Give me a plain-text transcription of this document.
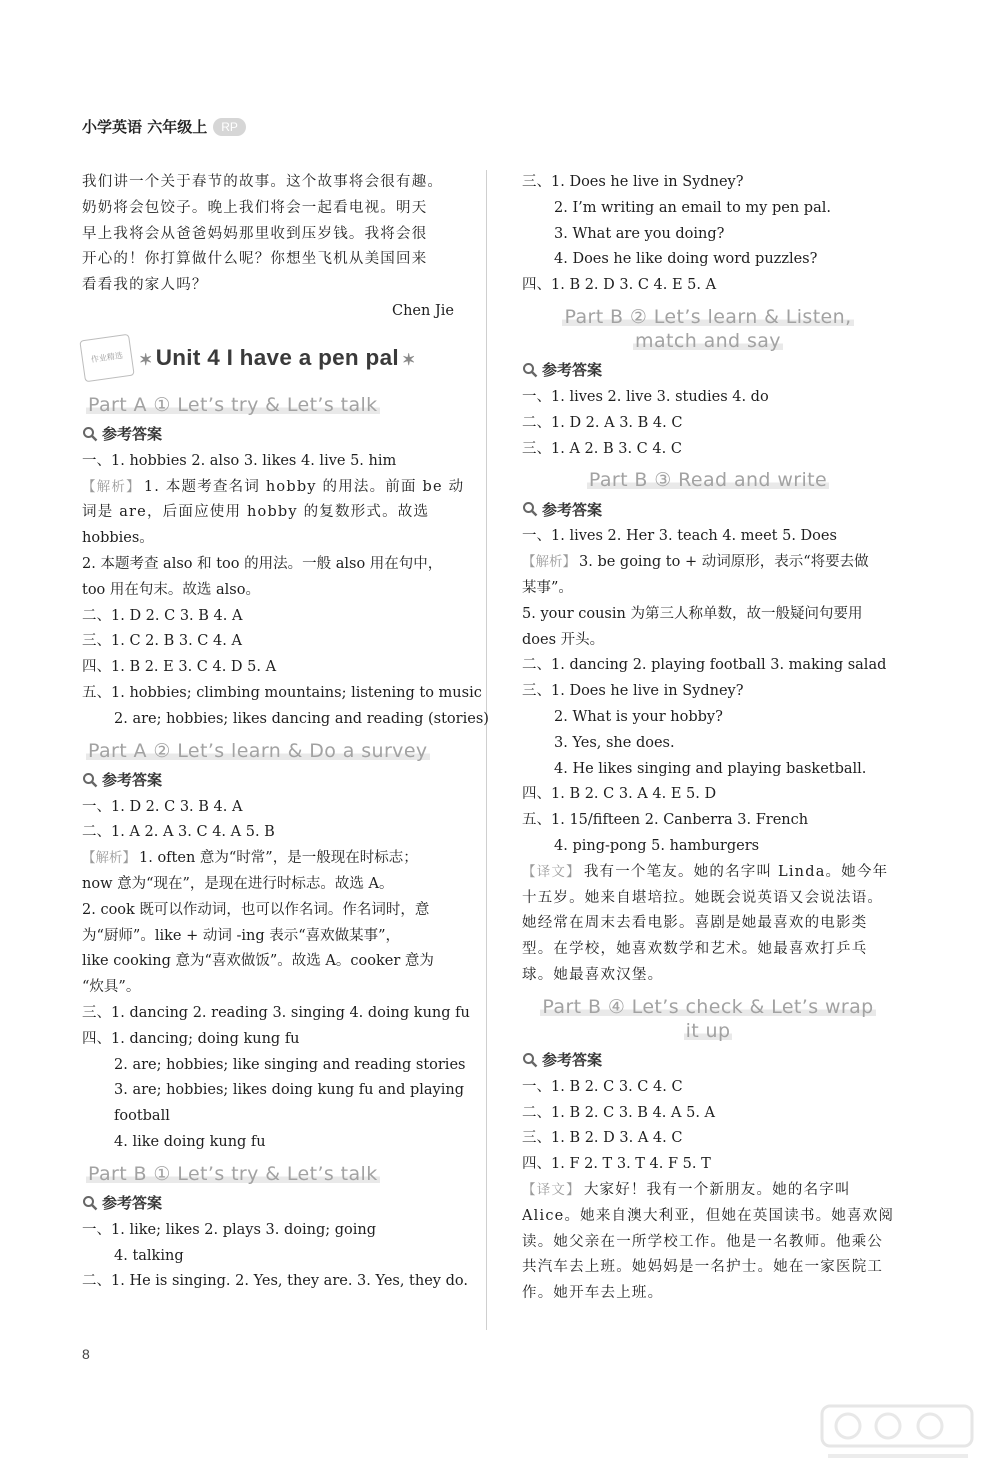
小学英语 六年级上	RP

我们讲一个关于春节的故事。这个故事将会很有趣。

奶奶将会包饺子。晚上我们将会一起看电视。明天

早上我将会从爸爸妈妈那里收到压岁钱。我将会很

开心的！你打算做什么呢？你想坐飞机从美国回来

看看我的家人吗？

Chen Jie

作业精选 ✶ Unit 4 I have a pen pal ✶
Part A ① Let’s try & Let’s talk
参考答案

一、1. hobbies 2. also 3. likes 4. live 5. him

【解析】 1. 本题考查名词 hobby 的用法。前面 be 动

词是 are，后面应使用 hobby 的复数形式。故选

hobbies。

2. 本题考查 also 和 too 的用法。一般 also 用在句中，

too 用在句末。故选 also。

二、1. D 2. C 3. B 4. A

三、1. C 2. B 3. C 4. A

四、1. B 2. E 3. C 4. D 5. A

五、1. hobbies; climbing mountains; listening to music

2. are; hobbies; likes dancing and reading (stories)

Part A ② Let’s learn & Do a survey
参考答案

一、1. D 2. C 3. B 4. A

二、1. A 2. A 3. C 4. A 5. B

【解析】 1. often 意为“时常”，是一般现在时标志；

now 意为“现在”，是现在进行时标志。故选 A。

2. cook 既可以作动词，也可以作名词。作名词时，意

为“厨师”。like + 动词 -ing 表示“喜欢做某事”，

like cooking 意为“喜欢做饭”。故选 A。cooker 意为

“炊具”。

三、1. dancing 2. reading 3. singing 4. doing kung fu

四、1. dancing; doing kung fu

2. are; hobbies; like singing and reading stories

3. are; hobbies; likes doing kung fu and playing

football

4. like doing kung fu

Part B ① Let’s try & Let’s talk
参考答案

一、1. like; likes 2. plays 3. doing; going

4. talking

二、1. He is singing. 2. Yes, they are. 3. Yes, they do.

三、1. Does he live in Sydney?

2. I’m writing an email to my pen pal.

3. What are you doing?

4. Does he like doing word puzzles?

四、1. B 2. D 3. C 4. E 5. A

Part B ② Let’s learn & Listen,
match and say
参考答案

一、1. lives 2. live 3. studies 4. do

二、1. D 2. A 3. B 4. C

三、1. A 2. B 3. C 4. C

Part B ③ Read and write
参考答案

一、1. lives 2. Her 3. teach 4. meet 5. Does

【解析】 3. be going to + 动词原形，表示“将要去做

某事”。

5. your cousin 为第三人称单数，故一般疑问句要用

does 开头。

二、1. dancing 2. playing football 3. making salad

三、1. Does he live in Sydney?

2. What is your hobby?

3. Yes, she does.

4. He likes singing and playing basketball.

四、1. B 2. C 3. A 4. E 5. D

五、1. 15/fifteen 2. Canberra 3. French

4. ping-pong 5. hamburgers

【译文】 我有一个笔友。她的名字叫 Linda。她今年

十五岁。她来自堪培拉。她既会说英语又会说法语。

她经常在周末去看电影。喜剧是她最喜欢的电影类

型。在学校，她喜欢数学和艺术。她最喜欢打乒乓

球。她最喜欢汉堡。

Part B ④ Let’s check & Let’s wrap
it up
参考答案

一、1. B 2. C 3. C 4. C

二、1. B 2. C 3. B 4. A 5. A

三、1. B 2. D 3. A 4. C

四、1. F 2. T 3. T 4. F 5. T

【译文】 大家好！我有一个新朋友。她的名字叫

Alice。她来自澳大利亚，但她在英国读书。她喜欢阅

读。她父亲在一所学校工作。他是一名教师。他乘公

共汽车去上班。她妈妈是一名护士。她在一家医院工

作。她开车去上班。

8
